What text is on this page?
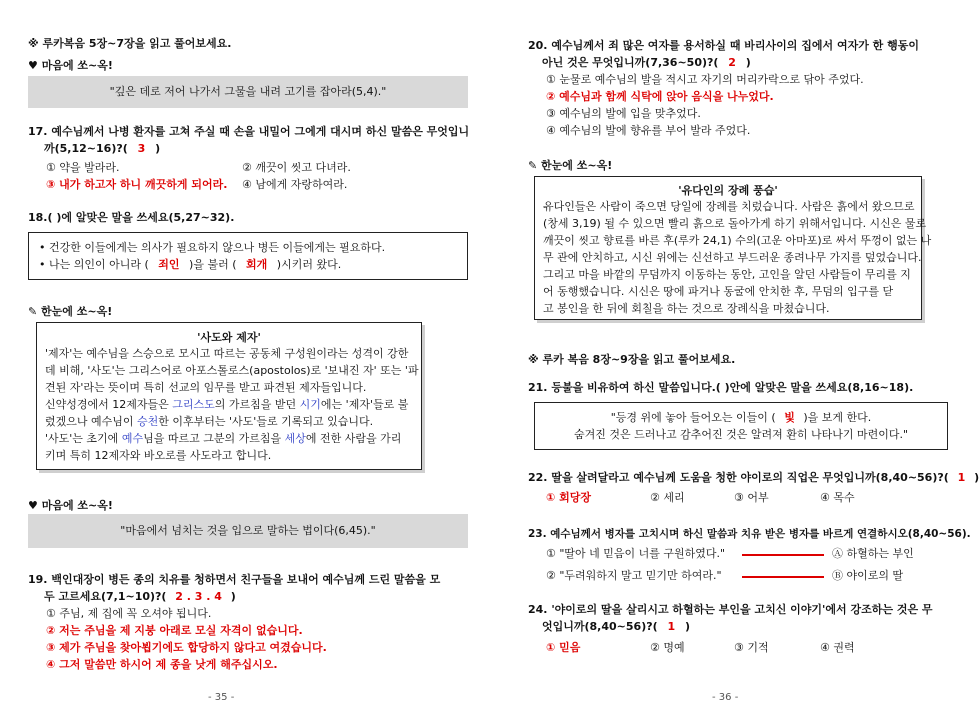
※ 루카복음 5장~7장을 읽고 풀어보세요.
♥ 마음에 쏘~옥!
"깊은 데로 저어 나가서 그물을 내려 고기를 잡아라(5,4)."
17. 예수님께서 나병 환자를 고쳐 주실 때 손을 내밀어 그에게 대시며 하신 말씀은 무엇입니
까(5,12~16)?( 3 )
① 약을 발라라.	② 깨끗이 씻고 다녀라.
③ 내가 하고자 하니 깨끗하게 되어라. ④ 남에게 자랑하여라.
18.( )에 알맞은 말을 쓰세요(5,27~32).
• 건강한 이들에게는 의사가 필요하지 않으나 병든 이들에게는 필요하다.
• 나는 의인이 아니라 ( 죄인 )을 불러 ( 회개 )시키러 왔다.
✎ 한눈에 쏘~옥!
'사도와 제자'
'제자'는 예수님을 스승으로 모시고 따르는 공동체 구성원이라는 성격이 강한
데 비해, '사도'는 그리스어로 아포스톨로스(apostolos)로 '보내진 자' 또는 '파
견된 자'라는 뜻이며 특히 선교의 임무를 받고 파견된 제자들입니다.
신약성경에서 12제자들은 그리스도의 가르침을 받던 시기에는 '제자'들로 불
렸겠으나 예수님이 승천한 이후부터는 '사도'들로 기록되고 있습니다.
'사도'는 초기에 예수님을 따르고 그분의 가르침을 세상에 전한 사람을 가리
키며 특히 12제자와 바오로를 사도라고 합니다.
♥ 마음에 쏘~옥!
"마음에서 넘치는 것을 입으로 말하는 법이다(6,45)."
19. 백인대장이 병든 종의 치유를 청하면서 친구들을 보내어 예수님께 드린 말씀을 모
두 고르세요(7,1~10)?( 2 . 3 . 4 )
① 주님, 제 집에 꼭 오셔야 됩니다.
② 저는 주님을 제 지붕 아래로 모실 자격이 없습니다.
③ 제가 주님을 찾아뵙기에도 합당하지 않다고 여겼습니다.
④ 그저 말씀만 하시어 제 종을 낫게 해주십시오.
- 35 -
20. 예수님께서 죄 많은 여자를 용서하실 때 바리사이의 집에서 여자가 한 행동이
아닌 것은 무엇입니까(7,36~50)?( 2 )
① 눈물로 예수님의 발을 적시고 자기의 머리카락으로 닦아 주었다.
② 예수님과 함께 식탁에 앉아 음식을 나누었다.
③ 예수님의 발에 입을 맞추었다.
④ 예수님의 발에 향유를 부어 발라 주었다.
✎ 한눈에 쏘~옥!
'유다인의 장례 풍습'
유다인들은 사람이 죽으면 당일에 장례를 치렀습니다. 사람은 흙에서 왔으므로
(창세 3,19) 될 수 있으면 빨리 흙으로 돌아가게 하기 위해서입니다. 시신은 물로
깨끗이 씻고 향료를 바른 후(루카 24,1) 수의(고운 아마포)로 싸서 뚜껑이 없는 나
무 관에 안치하고, 시신 위에는 신선하고 부드러운 종려나무 가지를 덮었습니다.
그리고 마을 바깥의 무덤까지 이동하는 동안, 고인을 알던 사람들이 무리를 지
어 동행했습니다. 시신은 땅에 파거나 동굴에 안치한 후, 무덤의 입구를 닫
고 봉인을 한 뒤에 회칠을 하는 것으로 장례식을 마쳤습니다.
※ 루카 복음 8장~9장을 읽고 풀어보세요.
21. 등불을 비유하여 하신 말씀입니다.( )안에 알맞은 말을 쓰세요(8,16~18).
"등경 위에 놓아 들어오는 이들이 ( 빛 )을 보게 한다.
숨겨진 것은 드러나고 감추어진 것은 알려져 환히 나타나기 마련이다."
22. 딸을 살려달라고 예수님께 도움을 청한 야이로의 직업은 무엇입니까(8,40~56)?( 1 )
① 회당장	② 세리	③ 어부	④ 목수
23. 예수님께서 병자를 고치시며 하신 말씀과 치유 받은 병자를 바르게 연결하시오(8,40~56).
① "딸아 네 믿음이 너를 구원하였다."
② "두려워하지 말고 믿기만 하여라."
Ⓐ 하혈하는 부인
Ⓑ 야이로의 딸
24. '야이로의 딸을 살리시고 하혈하는 부인을 고치신 이야기'에서 강조하는 것은 무
엇입니까(8,40~56)?( 1 )
① 믿음	② 명예	③ 기적	④ 권력
- 36 -
